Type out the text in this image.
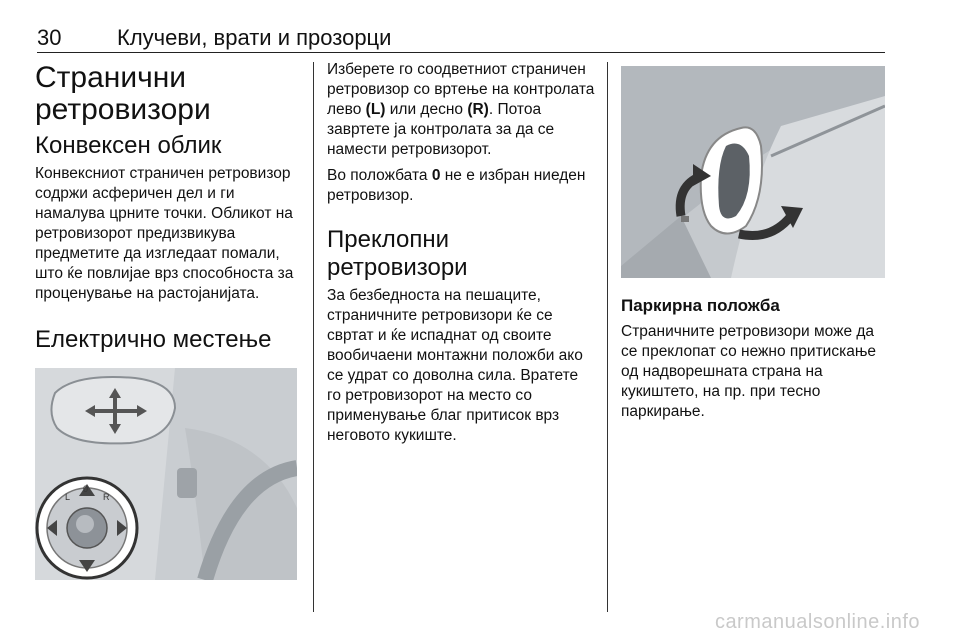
30	Клучеви, врати и прозорци
Странични ретровизори
Конвексен облик

Конвексниот страничен ретровизор содржи асферичен дел и ги намалува црните точки. Обликот на ретровизорот предизвикува предметите да изгледаат помали, што ќе повлијае врз способноста за проценување на растојанијата.

Електрично местење
L
0
R

Изберете го соодветниот страничен ретровизор со вртење на контролата лево (L) или десно (R). Потоа завртете ја контролата за да се намести ретровизорот.

Во положбата 0 не е избран ниеден ретровизор.

Преклопни ретровизори

За безбедноста на пешаците, страничните ретровизори ќе се свртат и ќе испаднат од своите вообичаени монтажни положби ако се удрат со доволна сила. Вратете го ретровизорот на место со применување благ притисок врз неговото кукиште.

Паркирна положба

Страничните ретровизори може да се преклопат со нежно притискање од надворешната страна на кукиштето, на пр. при тесно паркирање.

carmanualsonline.info
